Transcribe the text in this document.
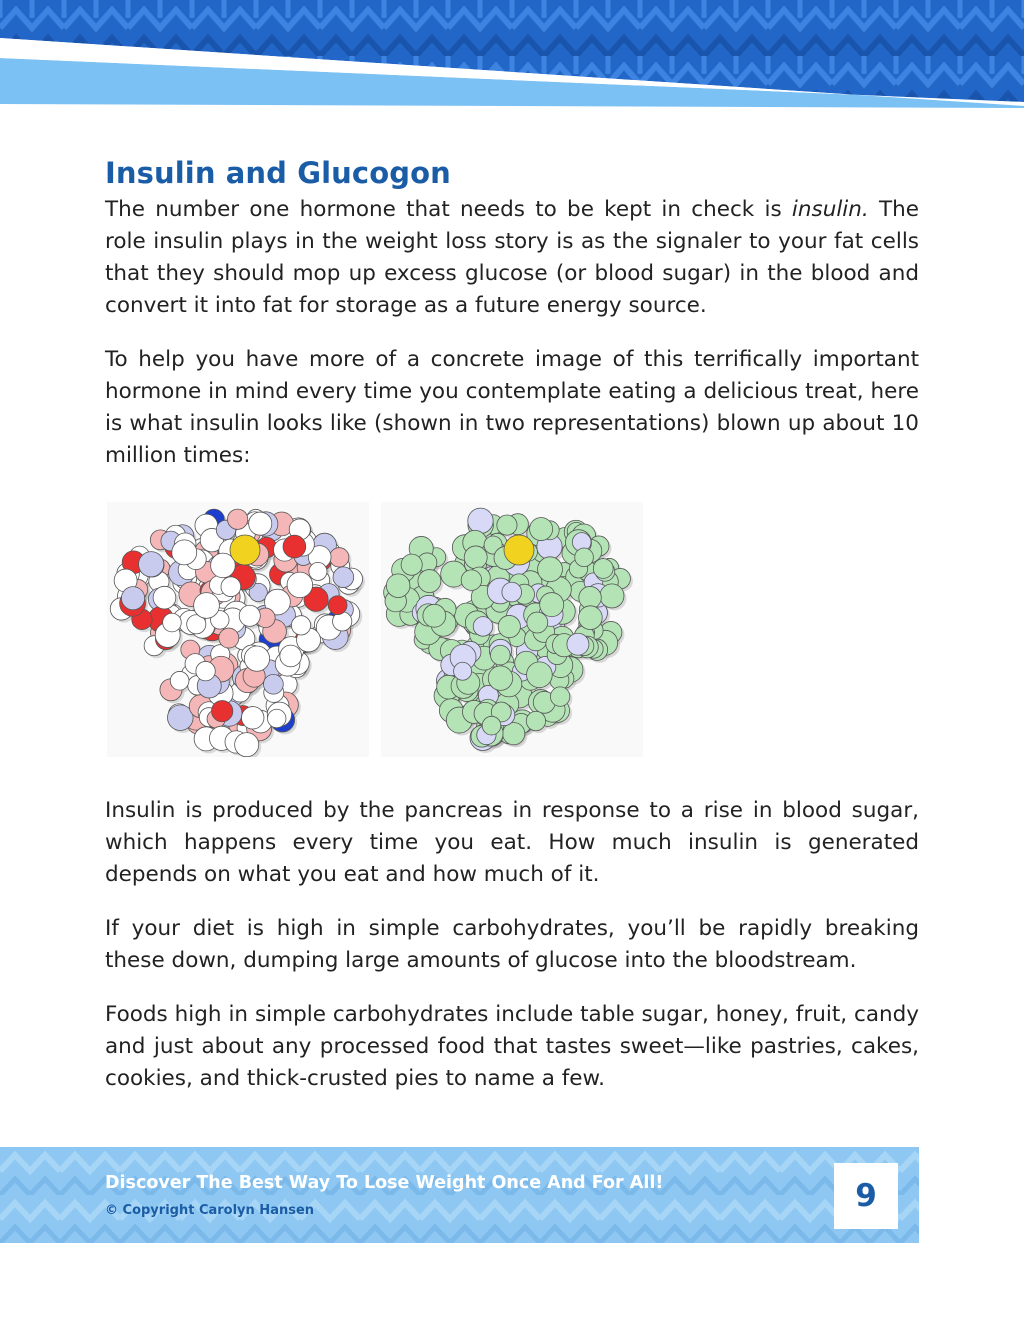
Insulin and Glucogon

The number one hormone that needs to be kept in check is insulin. The role insulin plays in the weight loss story is as the signaler to your fat cells that they should mop up excess glucose (or blood sugar) in the blood and convert it into fat for storage as a future energy source.

To help you have more of a concrete image of this terrifically important hormone in mind every time you contemplate eating a delicious treat, here is what insulin looks like (shown in two representations) blown up about 10 million times:

Insulin is produced by the pancreas in response to a rise in blood sugar, which happens every time you eat. How much insulin is generated depends on what you eat and how much of it.

If your diet is high in simple carbohydrates, you’ll be rapidly breaking these down, dumping large amounts of glucose into the bloodstream.

Foods high in simple carbohydrates include table sugar, honey, fruit, candy and just about any processed food that tastes sweet—like pastries, cakes, cookies, and thick-crusted pies to name a few.

Discover The Best Way To Lose Weight Once And For All!
© Copyright Carolyn Hansen	9
